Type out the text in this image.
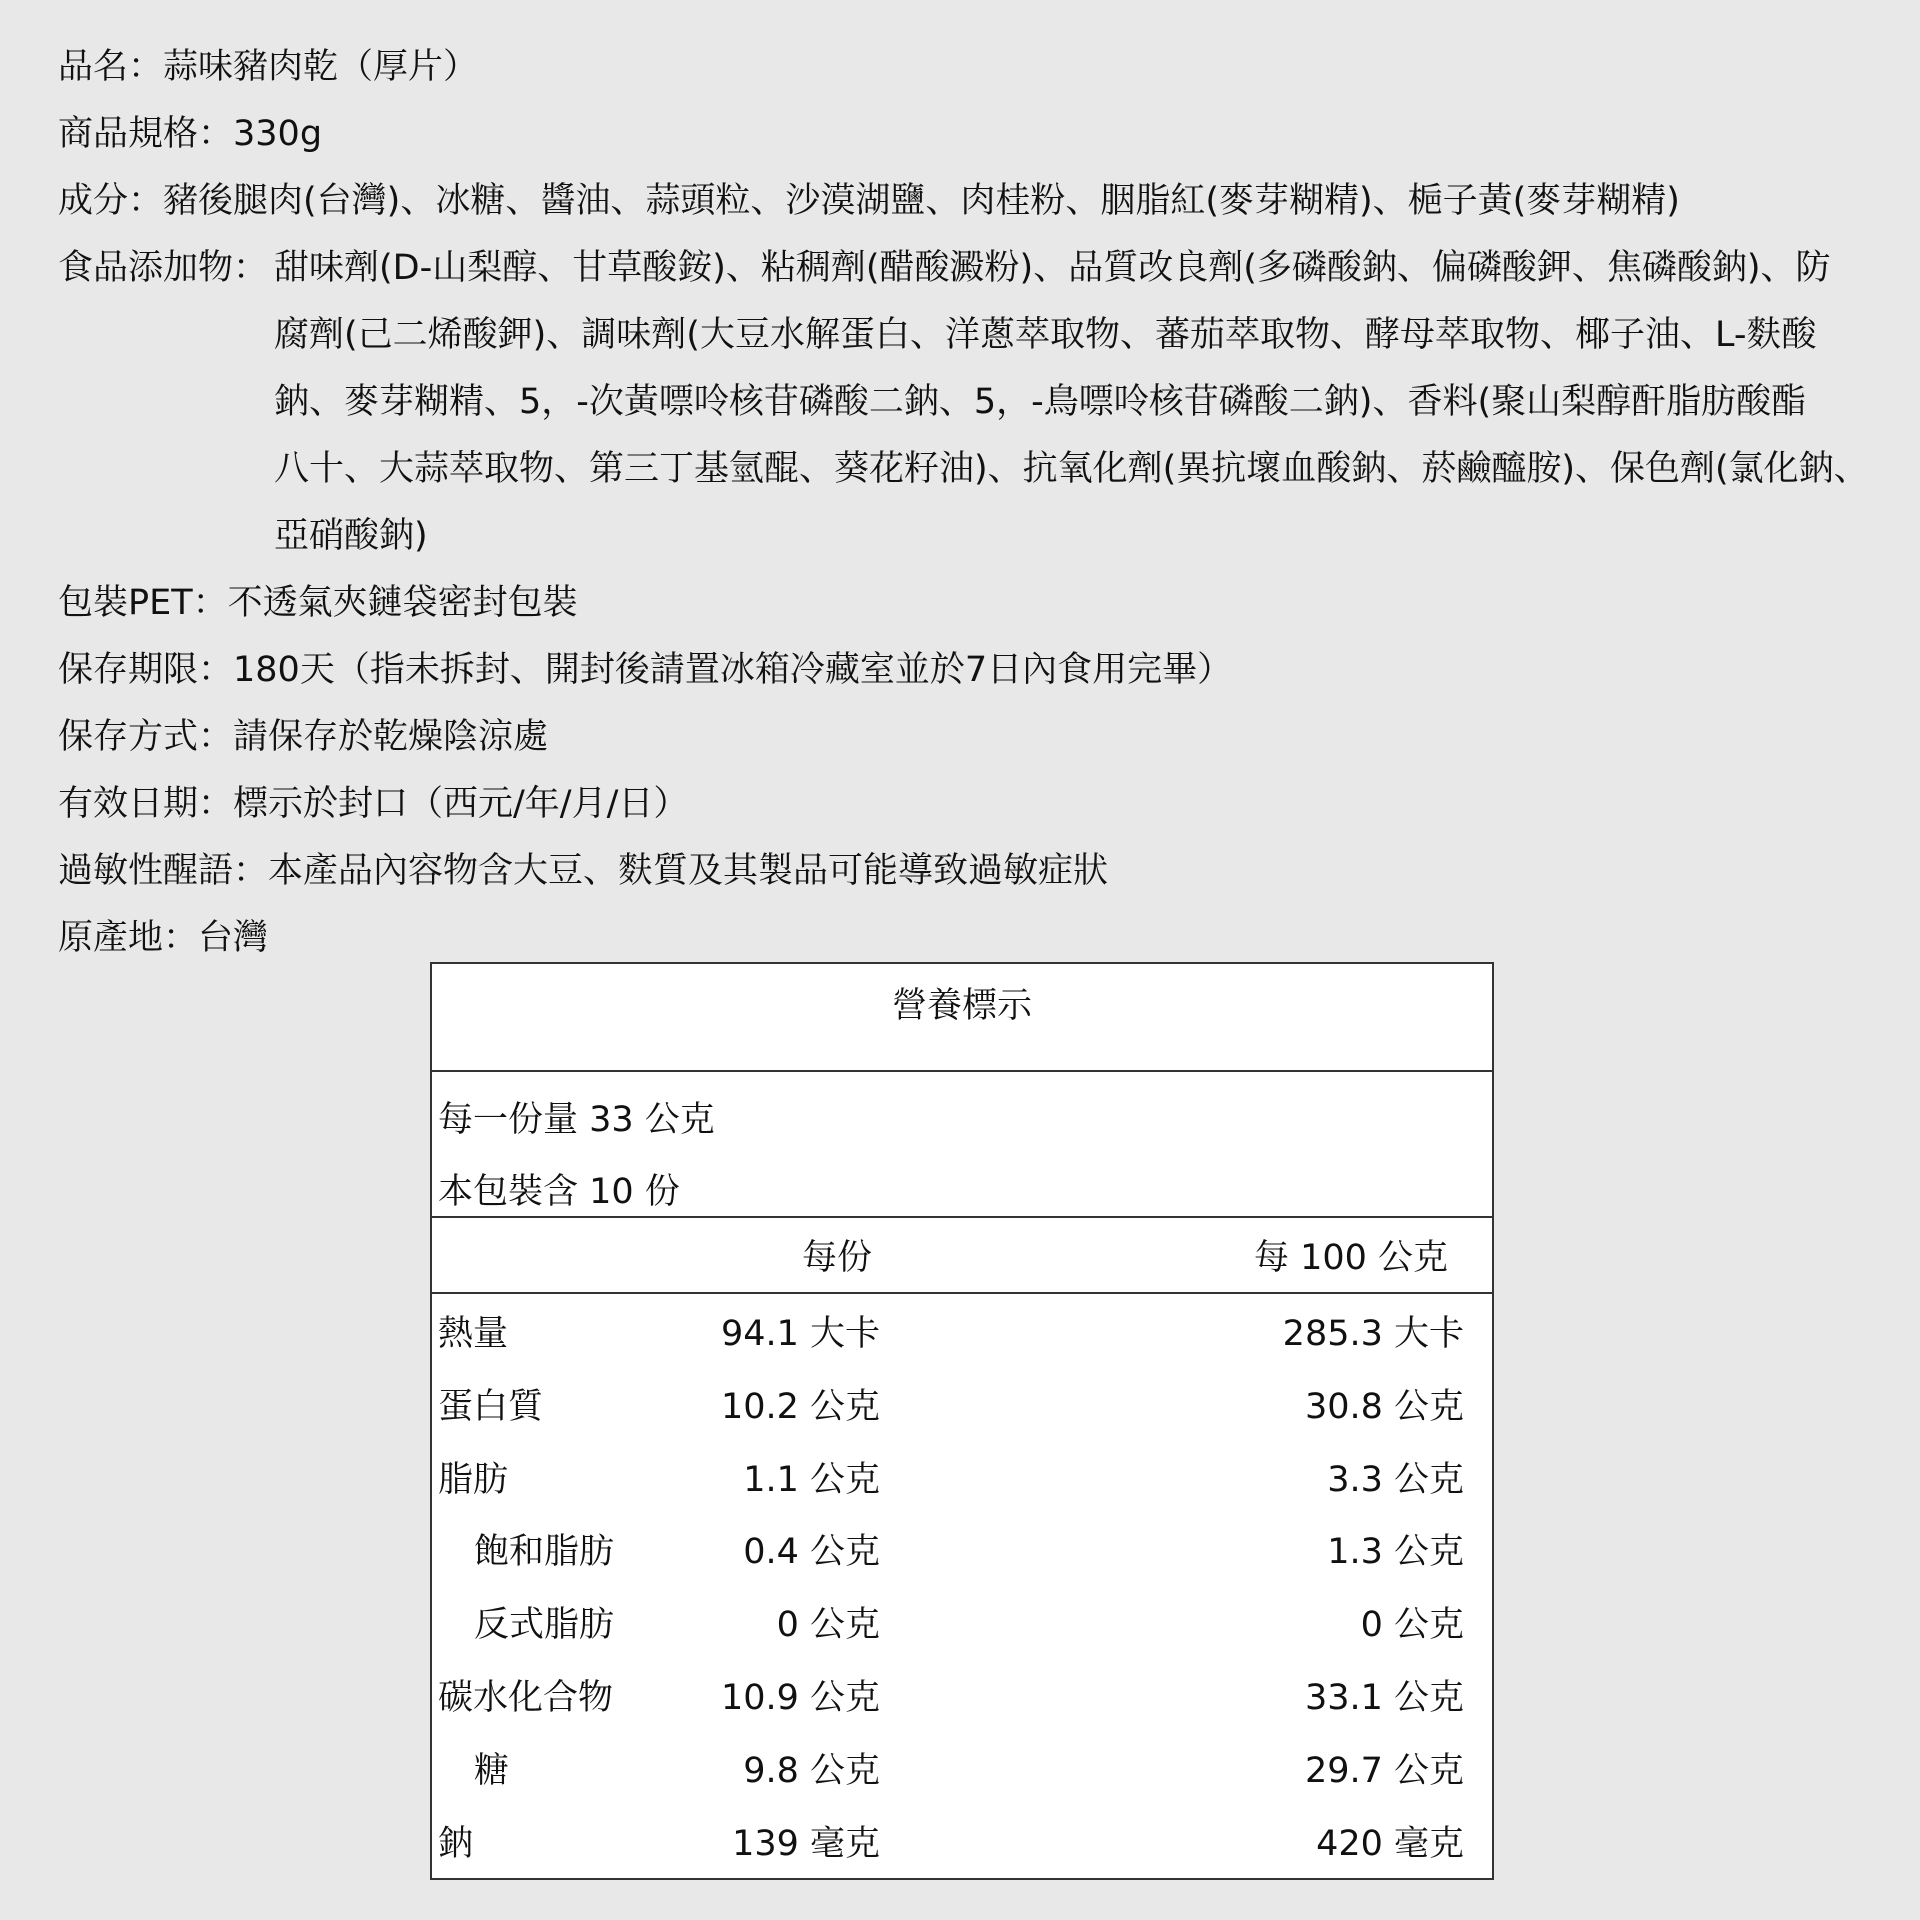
品名： 蒜味豬肉乾（厚片）
商品規格： 330g
成分： 豬後腿肉(台灣)、冰糖、醬油、蒜頭粒、沙漠湖鹽、肉桂粉、胭脂紅(麥芽糊精)、梔子黃(麥芽糊精)
食品添加物： 甜味劑(D-山梨醇、甘草酸銨)、粘稠劑(醋酸澱粉)、品質改良劑(多磷酸鈉、偏磷酸鉀、焦磷酸鈉)、防
腐劑(己二烯酸鉀)、調味劑(大豆水解蛋白、洋蔥萃取物、蕃茄萃取物、酵母萃取物、椰子油、L-麩酸
鈉、麥芽糊精、5，-次黃嘌呤核苷磷酸二鈉、5，-鳥嘌呤核苷磷酸二鈉)、香料(聚山梨醇酐脂肪酸酯
八十、大蒜萃取物、第三丁基氫醌、葵花籽油)、抗氧化劑(異抗壞血酸鈉、菸鹼醯胺)、保色劑(氯化鈉、
亞硝酸鈉)
包裝PET： 不透氣夾鏈袋密封包裝
保存期限： 180天（指未拆封、開封後請置冰箱冷藏室並於7日內食用完畢）
保存方式： 請保存於乾燥陰涼處
有效日期： 標示於封口（西元/年/月/日）
過敏性醒語： 本產品內容物含大豆、麩質及其製品可能導致過敏症狀
原產地： 台灣
營養標示
每一份量 33 公克
本包裝含 10 份
每份	每 100 公克
熱量	94.1 大卡	285.3 大卡
蛋白質	10.2 公克	30.8 公克
脂肪	1.1 公克	3.3 公克
飽和脂肪	0.4 公克	1.3 公克
反式脂肪	0 公克	0 公克
碳水化合物	10.9 公克	33.1 公克
糖	9.8 公克	29.7 公克
鈉	139 毫克	420 毫克
